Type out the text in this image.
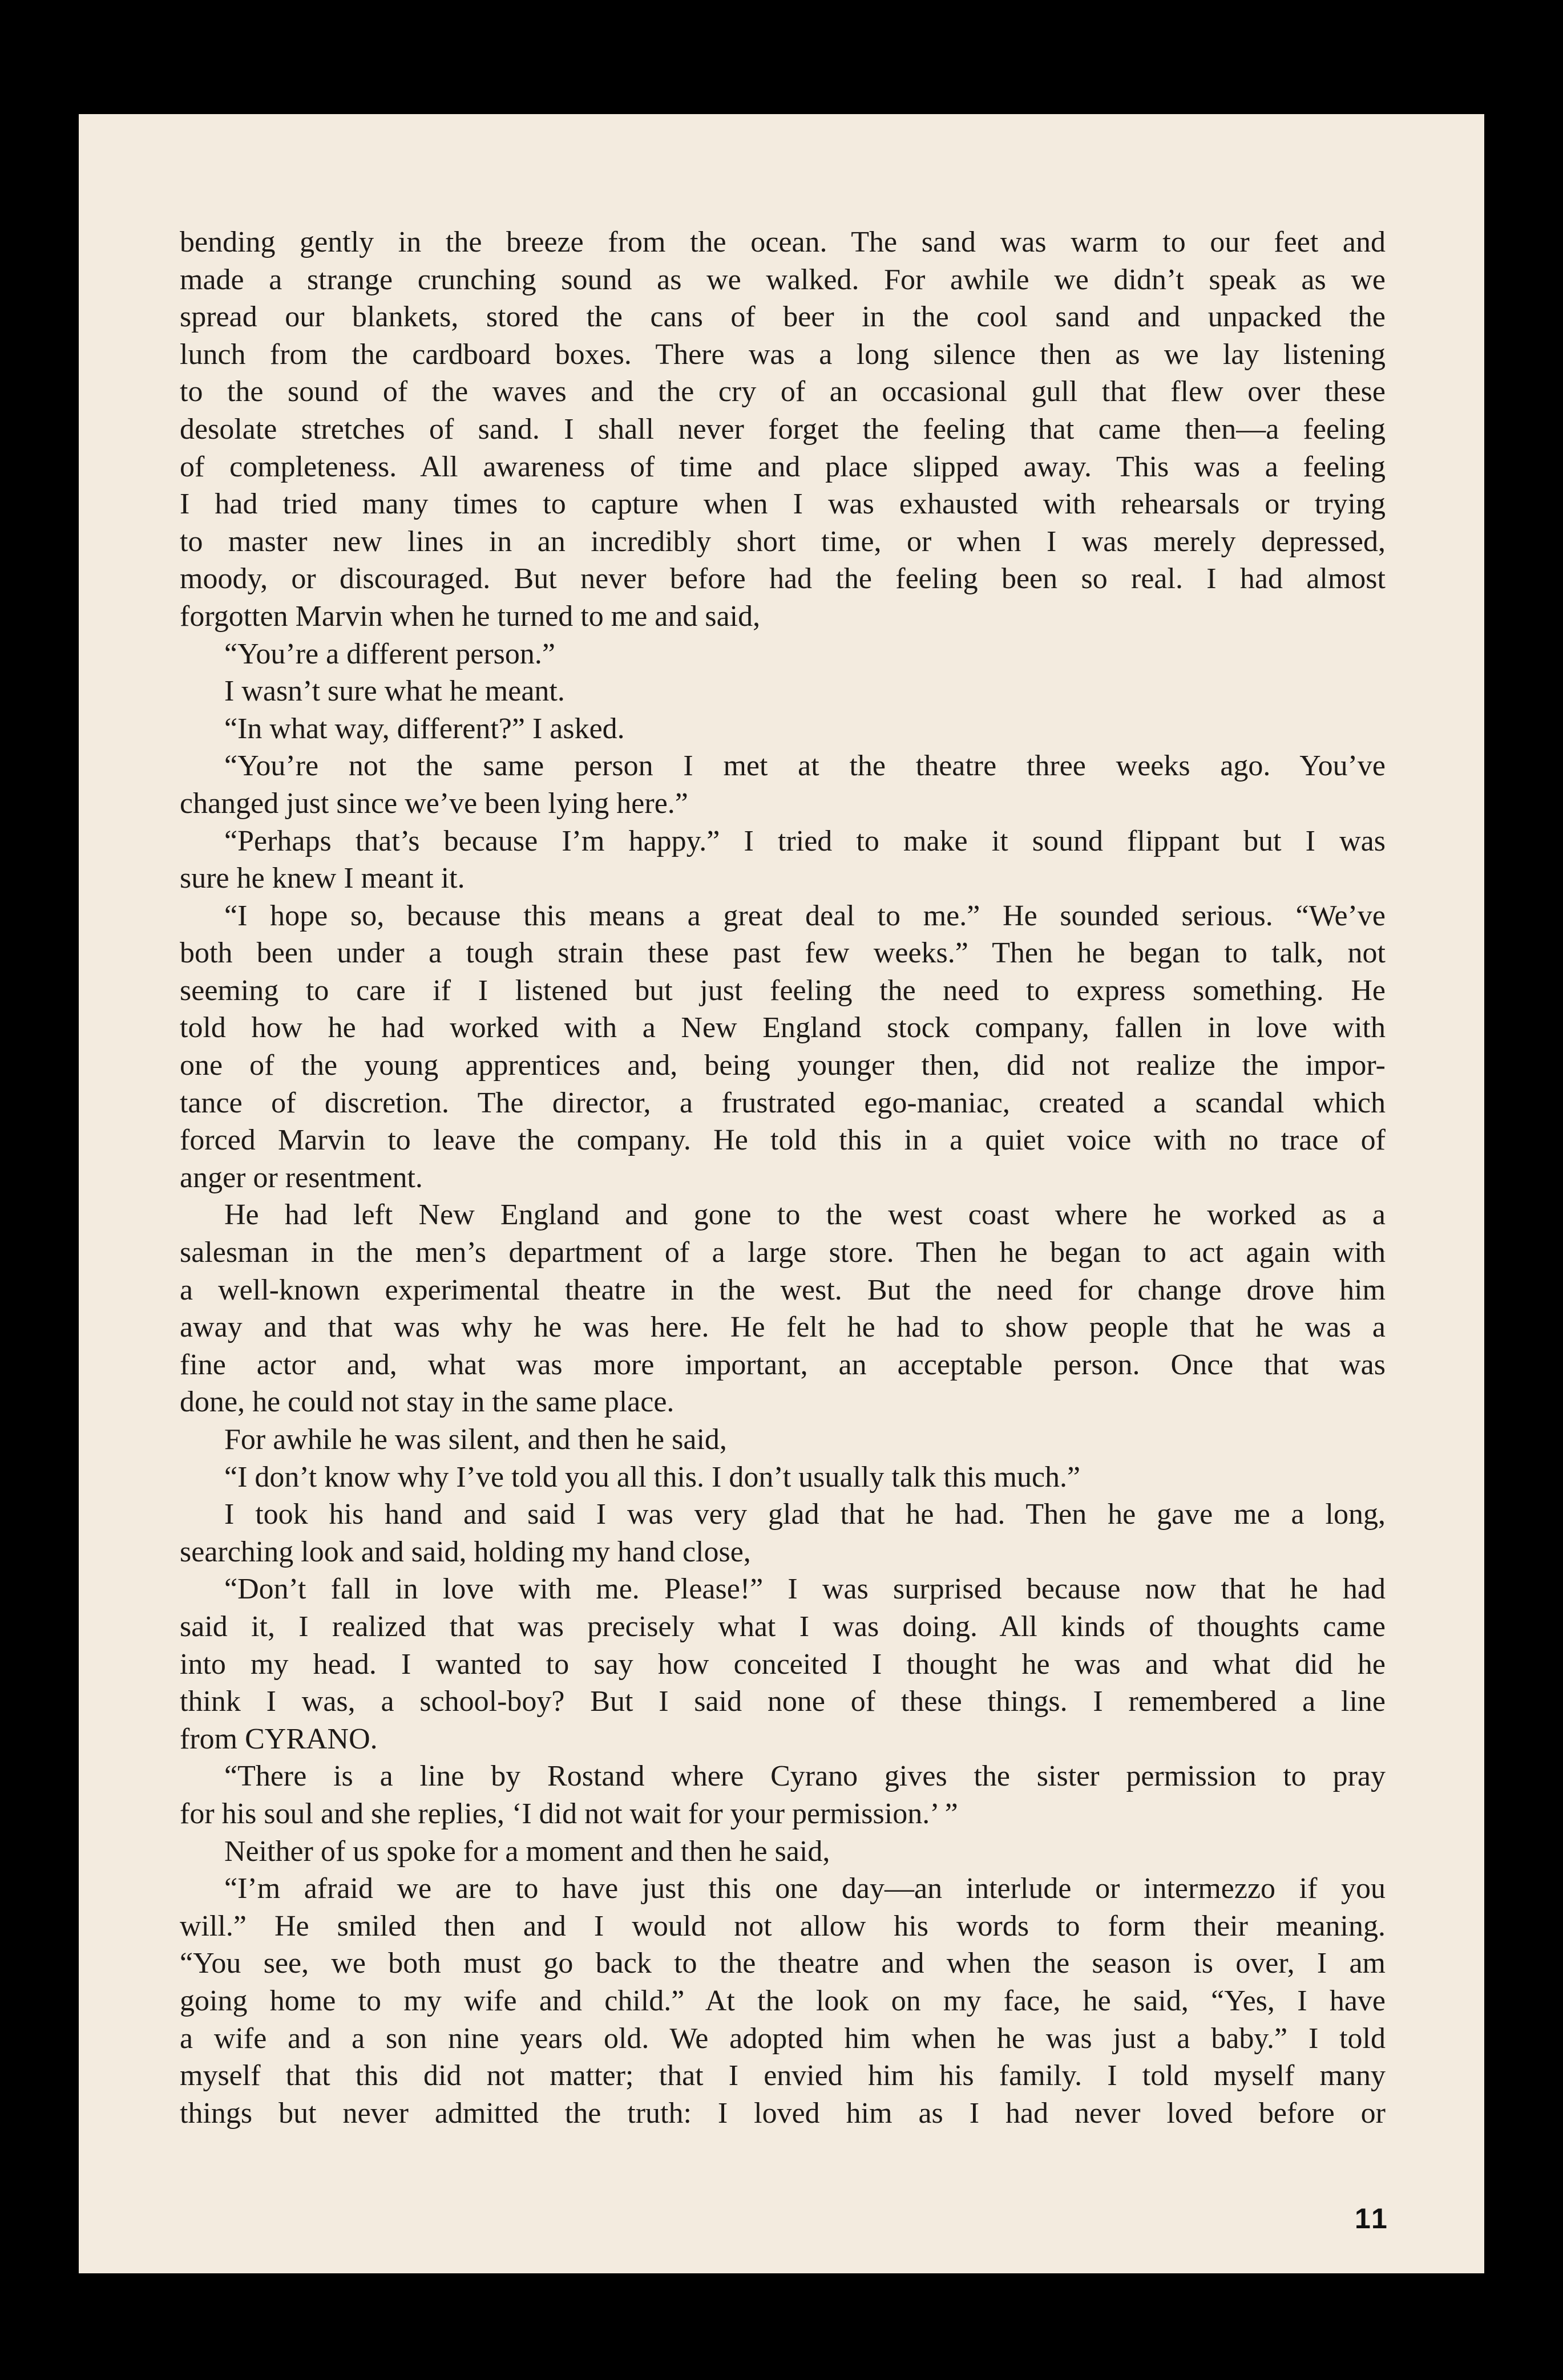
bending gently in the breeze from the ocean. The sand was warm to our feet and
made a strange crunching sound as we walked. For awhile we didn’t speak as we
spread our blankets, stored the cans of beer in the cool sand and unpacked the
lunch from the cardboard boxes. There was a long silence then as we lay listening
to the sound of the waves and the cry of an occasional gull that flew over these
desolate stretches of sand. I shall never forget the feeling that came then—a feeling
of completeness. All awareness of time and place slipped away. This was a feeling
I had tried many times to capture when I was exhausted with rehearsals or trying
to master new lines in an incredibly short time, or when I was merely depressed,
moody, or discouraged. But never before had the feeling been so real. I had almost
forgotten Marvin when he turned to me and said,
“You’re a different person.”
I wasn’t sure what he meant.
“In what way, different?” I asked.
“You’re not the same person I met at the theatre three weeks ago. You’ve
changed just since we’ve been lying here.”
“Perhaps that’s because I’m happy.” I tried to make it sound flippant but I was
sure he knew I meant it.
“I hope so, because this means a great deal to me.” He sounded serious. “We’ve
both been under a tough strain these past few weeks.” Then he began to talk, not
seeming to care if I listened but just feeling the need to express something. He
told how he had worked with a New England stock company, fallen in love with
one of the young apprentices and, being younger then, did not realize the impor-
tance of discretion. The director, a frustrated ego-maniac, created a scandal which
forced Marvin to leave the company. He told this in a quiet voice with no trace of
anger or resentment.
He had left New England and gone to the west coast where he worked as a
salesman in the men’s department of a large store. Then he began to act again with
a well-known experimental theatre in the west. But the need for change drove him
away and that was why he was here. He felt he had to show people that he was a
fine actor and, what was more important, an acceptable person. Once that was
done, he could not stay in the same place.
For awhile he was silent, and then he said,
“I don’t know why I’ve told you all this. I don’t usually talk this much.”
I took his hand and said I was very glad that he had. Then he gave me a long,
searching look and said, holding my hand close,
“Don’t fall in love with me. Please!” I was surprised because now that he had
said it, I realized that was precisely what I was doing. All kinds of thoughts came
into my head. I wanted to say how conceited I thought he was and what did he
think I was, a school-boy? But I said none of these things. I remembered a line
from CYRANO.
“There is a line by Rostand where Cyrano gives the sister permission to pray
for his soul and she replies, ‘I did not wait for your permission.’ ”
Neither of us spoke for a moment and then he said,
“I’m afraid we are to have just this one day—an interlude or intermezzo if you
will.” He smiled then and I would not allow his words to form their meaning.
“You see, we both must go back to the theatre and when the season is over, I am
going home to my wife and child.” At the look on my face, he said, “Yes, I have
a wife and a son nine years old. We adopted him when he was just a baby.” I told
myself that this did not matter; that I envied him his family. I told myself many
things but never admitted the truth: I loved him as I had never loved before or
11
